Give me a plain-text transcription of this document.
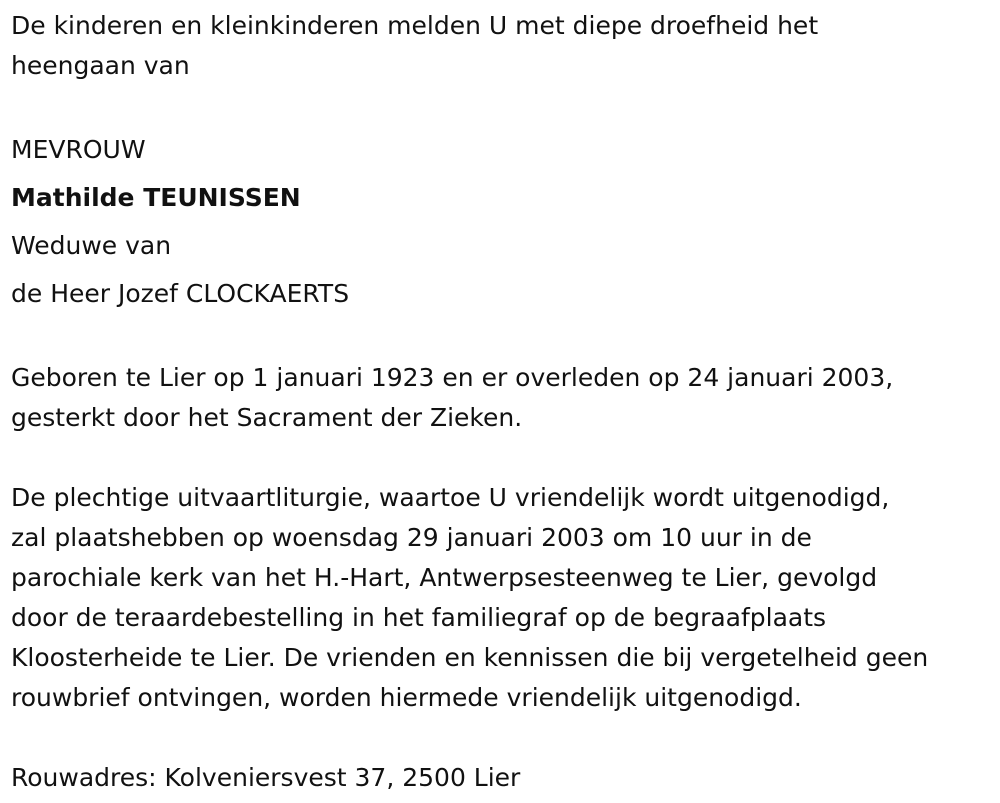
De kinderen en kleinkinderen melden U met diepe droefheid het
heengaan van

MEVROUW
Mathilde TEUNISSEN
Weduwe van
de Heer Jozef CLOCKAERTS

Geboren te Lier op 1 januari 1923 en er overleden op 24 januari 2003,
gesterkt door het Sacrament der Zieken.

De plechtige uitvaartliturgie, waartoe U vriendelijk wordt uitgenodigd,
zal plaatshebben op woensdag 29 januari 2003 om 10 uur in de
parochiale kerk van het H.-Hart, Antwerpsesteenweg te Lier, gevolgd
door de teraardebestelling in het familiegraf op de begraafplaats
Kloosterheide te Lier. De vrienden en kennissen die bij vergetelheid geen
rouwbrief ontvingen, worden hiermede vriendelijk uitgenodigd.

Rouwadres: Kolveniersvest 37, 2500 Lier
